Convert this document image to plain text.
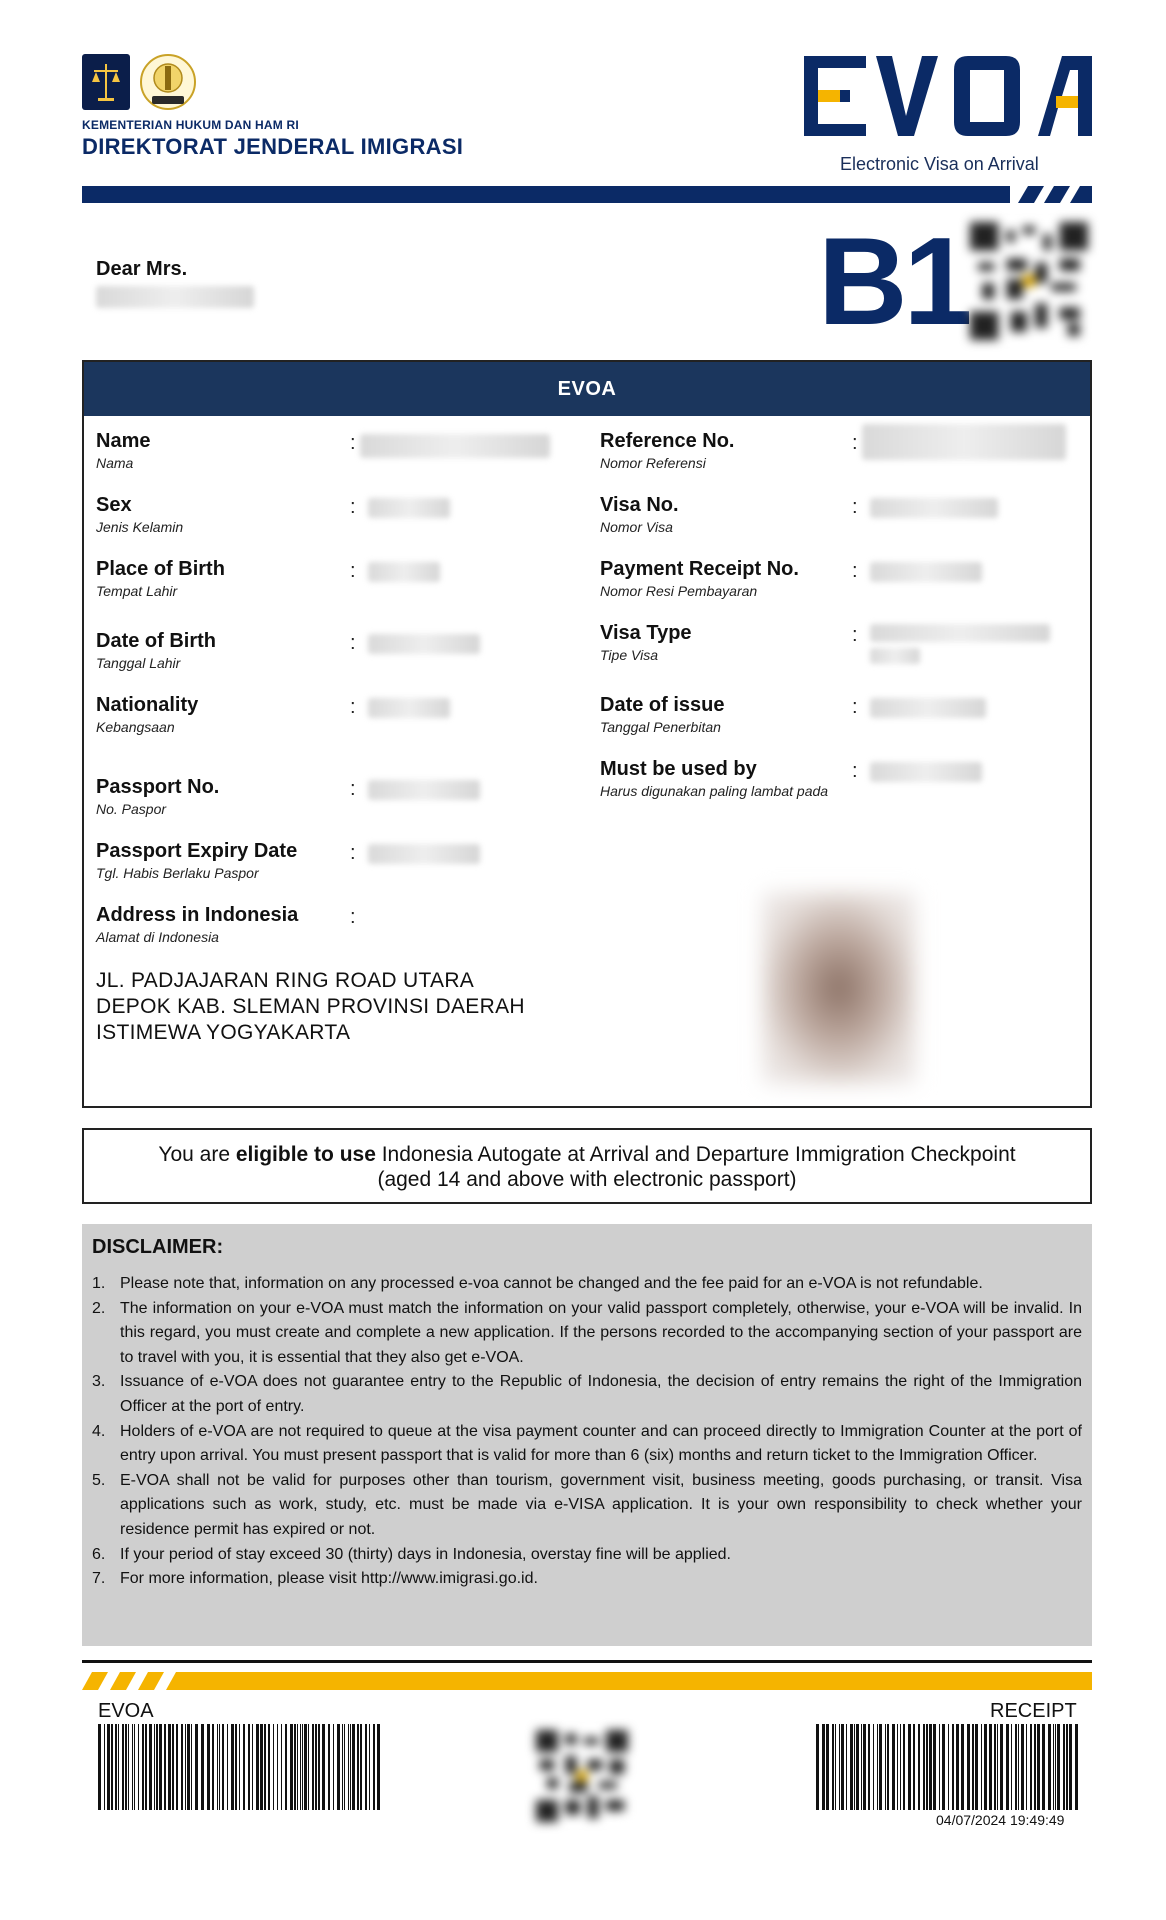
KEMENTERIAN HUKUM DAN HAM RI
DIREKTORAT JENDERAL IMIGRASI
Electronic Visa on Arrival
Dear Mrs.	B1
EVOA
Name
Nama
:
Sex
Jenis Kelamin
:
Place of Birth
Tempat Lahir
:
Date of Birth
Tanggal Lahir
:
Nationality
Kebangsaan
:
Passport No.
No. Paspor
:
Passport Expiry Date
Tgl. Habis Berlaku Paspor
:
Address in Indonesia
Alamat di Indonesia
:
JL. PADJAJARAN RING ROAD UTARA
DEPOK KAB. SLEMAN PROVINSI DAERAH
ISTIMEWA YOGYAKARTA
Reference No.
Nomor Referensi
:
Visa No.
Nomor Visa
:
Payment Receipt No.
Nomor Resi Pembayaran
:
Visa Type
Tipe Visa
:
Date of issue
Tanggal Penerbitan
:
Must be used by
Harus digunakan paling lambat pada
:
You are eligible to use Indonesia Autogate at Arrival and Departure Immigration Checkpoint
(aged 14 and above with electronic passport)
DISCLAIMER:
1. Please note that, information on any processed e-voa cannot be changed and the fee paid for an e-VOA is not refundable.
2. The information on your e-VOA must match the information on your valid passport completely, otherwise, your e-VOA will be invalid. In this regard, you must create and complete a new application. If the persons recorded to the accompanying section of your passport are to travel with you, it is essential that they also get e-VOA.
3. Issuance of e-VOA does not guarantee entry to the Republic of Indonesia, the decision of entry remains the right of the Immigration Officer at the port of entry.
4. Holders of e-VOA are not required to queue at the visa payment counter and can proceed directly to Immigration Counter at the port of entry upon arrival. You must present passport that is valid for more than 6 (six) months and return ticket to the Immigration Officer.
5. E-VOA shall not be valid for purposes other than tourism, government visit, business meeting, goods purchasing, or transit. Visa applications such as work, study, etc. must be made via e-VISA application. It is your own responsibility to check whether your residence permit has expired or not.
6. If your period of stay exceed 30 (thirty) days in Indonesia, overstay fine will be applied.
7. For more information, please visit http://www.imigrasi.go.id.
EVOA	RECEIPT
04/07/2024 19:49:49
